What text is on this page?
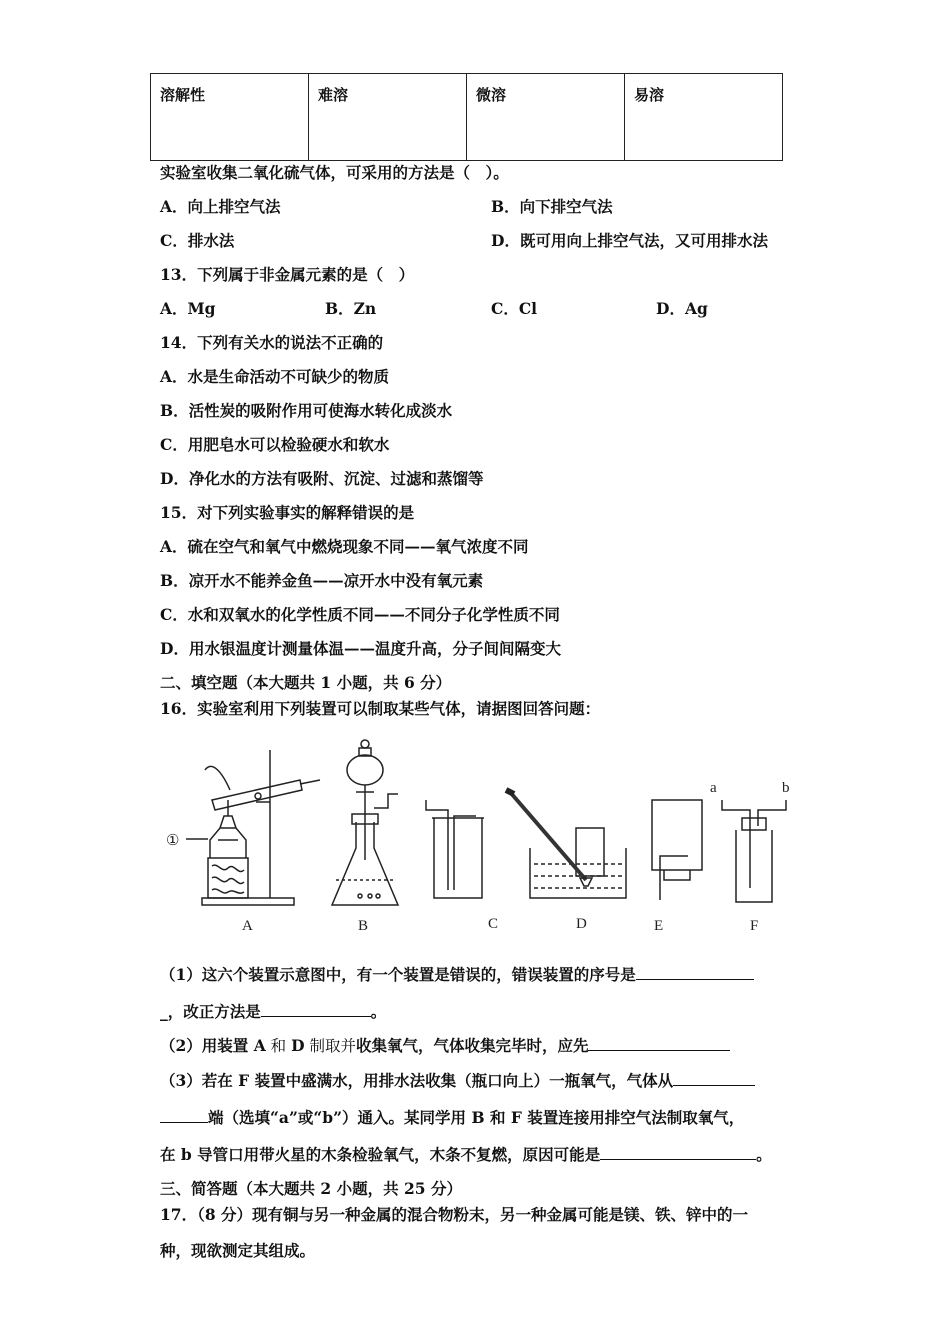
溶解性	难溶	微溶	易溶
实验室收集二氧化硫气体，可采用的方法是（　）。
A．向上排空气法	B．向下排空气法
C．排水法	D．既可用向上排空气法，又可用排水法
13．下列属于非金属元素的是（　）
A．Mg	B．Zn	C．Cl	D．Ag
14．下列有关水的说法不正确的
A．水是生命活动不可缺少的物质
B．活性炭的吸附作用可使海水转化成淡水
C．用肥皂水可以检验硬水和软水
D．净化水的方法有吸附、沉淀、过滤和蒸馏等
15．对下列实验事实的解释错误的是
A．硫在空气和氧气中燃烧现象不同——氧气浓度不同
B．凉开水不能养金鱼——凉开水中没有氧元素
C．水和双氧水的化学性质不同——不同分子化学性质不同
D．用水银温度计测量体温——温度升高，分子间间隔变大
二、填空题（本大题共 1 小题，共 6 分）
16．实验室利用下列装置可以制取某些气体，请据图回答问题：
①
a	b
A	B	C	D	E	F
（1）这六个装置示意图中，有一个装置是错误的，错误装置的序号是
_，改正方法是	。
（2）用装置 A 和 D 制取并收集氧气，气体收集完毕时，应先
（3）若在 F 装置中盛满水，用排水法收集（瓶口向上）一瓶氧气，气体从
端（选填“a”或“b”）通入。某同学用 B 和 F 装置连接用排空气法制取氧气，
在 b 导管口用带火星的木条检验氧气，木条不复燃，原因可能是	。
三、简答题（本大题共 2 小题，共 25 分）
17．（8 分）现有铜与另一种金属的混合物粉末，另一种金属可能是镁、铁、锌中的一
种，现欲测定其组成。
